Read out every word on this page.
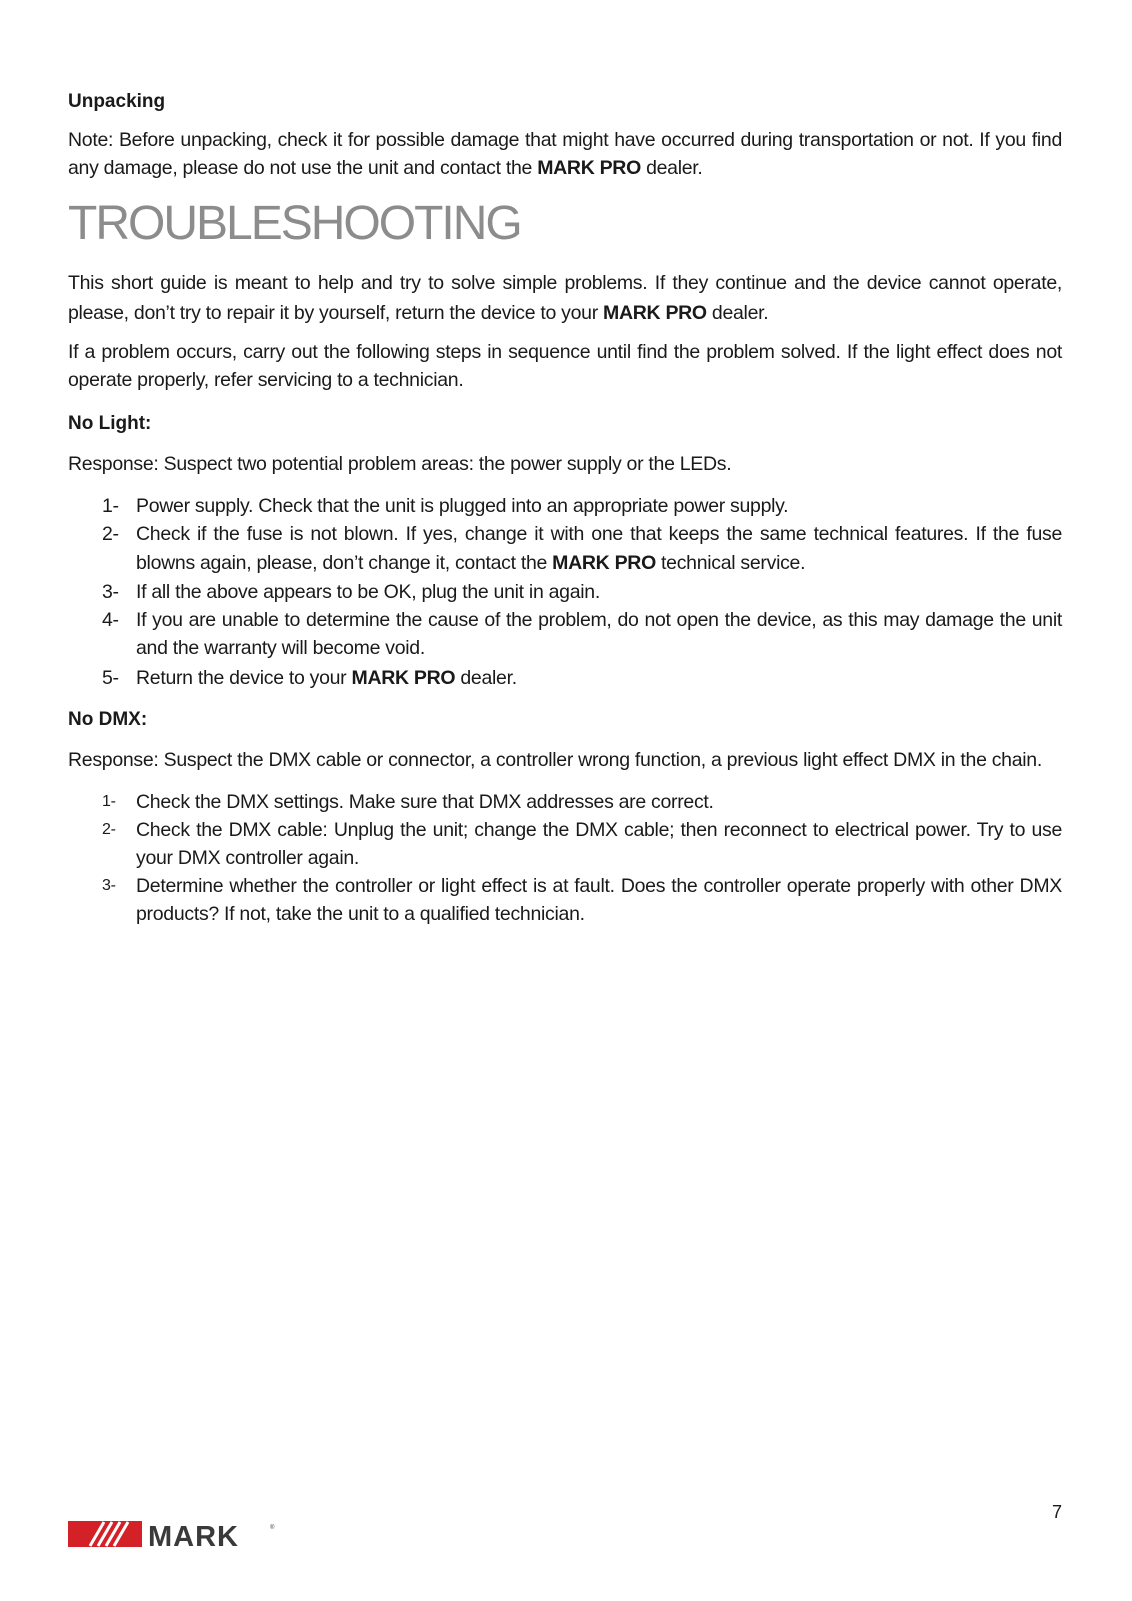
Unpacking

Note: Before unpacking, check it for possible damage that might have occurred during transportation or not. If you find any damage, please do not use the unit and contact the MARK PRO dealer.

TROUBLESHOOTING

This short guide is meant to help and try to solve simple problems. If they continue and the device cannot operate, please, don’t try to repair it by yourself, return the device to your MARK PRO dealer.

If a problem occurs, carry out the following steps in sequence until find the problem solved. If the light effect does not operate properly, refer servicing to a technician.

No Light:

Response: Suspect two potential problem areas: the power supply or the LEDs.

1- Power supply. Check that the unit is plugged into an appropriate power supply.
2- Check if the fuse is not blown. If yes, change it with one that keeps the same technical features. If the fuse blowns again, please, don’t change it, contact the MARK PRO technical service.
3- If all the above appears to be OK, plug the unit in again.
4- If you are unable to determine the cause of the problem, do not open the device, as this may damage the unit and the warranty will become void.
5- Return the device to your MARK PRO dealer.

No DMX:

Response: Suspect the DMX cable or connector, a controller wrong function, a previous light effect DMX in the chain.

1- Check the DMX settings. Make sure that DMX addresses are correct.
2- Check the DMX cable: Unplug the unit; change the DMX cable; then reconnect to electrical power. Try to use your DMX controller again.
3- Determine whether the controller or light effect is at fault. Does the controller operate properly with other DMX products? If not, take the unit to a qualified technician.
MARK	®
7
